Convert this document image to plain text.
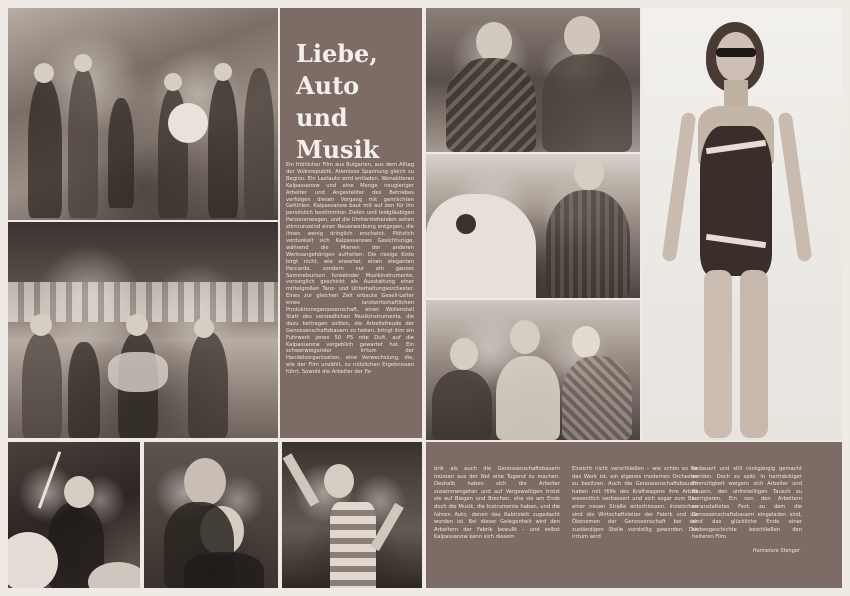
Liebe,
Auto
und Musik
Ein fröhlicher Film aus Bulgarien, aus dem Alltag der Volksrepublik. Atemlose Spannung gleich zu Beginn: Ein Lastauto wird entladen. Wenaktieren Kalpassanow und eine Menge neugieriger Arbeiter und Angestellter des Betriebes verfolgen diesen Vorgang mit gemischten Gefühlen. Kalpassanow baut mit auf den für ihn persönlich bestimmten Zielen und leidgläubigen Personenwagen, und die Umherstehenden sehen stirnrunzelnd einer Neuerwerbung entgegen, die ihnen wenig dringlich erscheint. Plötzlich verdunkelt sich Kalpassanows Gesichtszüge, während die Mienen der anderen Werksangehörigen aufhellen: Die riesige Kiste birgt nicht, wie erwartet, einen eleganten Paccarda, sondern nur ein ganzes Sammelsurium funkelnder Musikinstrumente, vorsorglich geschickt als Ausstattung einer mittelgroßen Tanz- und Unterhaltungsorchester. Eines zur gleichen Zeit erbaute Gesell-Leiter eines landwirtschaftlichen Produktionsgenossenschaft, einen Wollenstall Statt des versiedlichen Musikinstruments, die dazu beitragen sollten, die Arbeitsfreude der Genossenschaftsbauern zu heben, bringt ihm ein Fuhrwerk jenes 50 PS rote Duft, auf die Kalpassanow vergeblich gewartet hat. Ein schwerwiegender Irrtum der Handelsorganisation, eine Verwechslung, die, wie der Film unzählt, zu nützlichen Ergebnissen führt. Sowohl die Arbeiter der Fa-
brik als auch die Genossenschaftsbauern müssen aus der Not eine Tugend zu machen. Deshalb haben sich die Arbeiter zusammengetan und auf Vergewaltigen trotzt sie auf Biegen und Brechen, ehe sie am Ende doch die Musik, die Instrumente haben, und die fahren Auto, denen das Kabriolett zugedacht worden ist. Bei dieser Gelegenheit wird den Arbeitern der Fabrik bewußt – und selbst Kalpassanow kann sich diesem
Einsicht nicht verschließen – wie schön es für das Werk ist, ein eigenes modernes Orchester zu besitzen. Auch die Genossenschaftsbauern haben mit Hilfe des Kraftwagens ihre Arbeit wesentlich verbessert und sich sogar zum Bau einer neuen Straße entschlossen. Inzwischen sind die Wirtschaftsleiter der Fabrik und die Ökonomen der Genossenschaft bei der zuständigen Stelle vorstellig geworden. Der Irrtum wird
bedauert und still rückgängig gemacht werden. Doch zu spät: in hartnäckiger Einmütigkeit weigern sich Arbeiter und Bauern, den unfreiwilligen Tausch zu korrigieren. Ein von den Arbeitern veranstaltetes Fest, zu dem die Genossenschaftsbauern eingeladen sind, sind das glückliche Ende einer Liebesgeschichte beschließen den heiteren Film.
Hannelore Stenger
